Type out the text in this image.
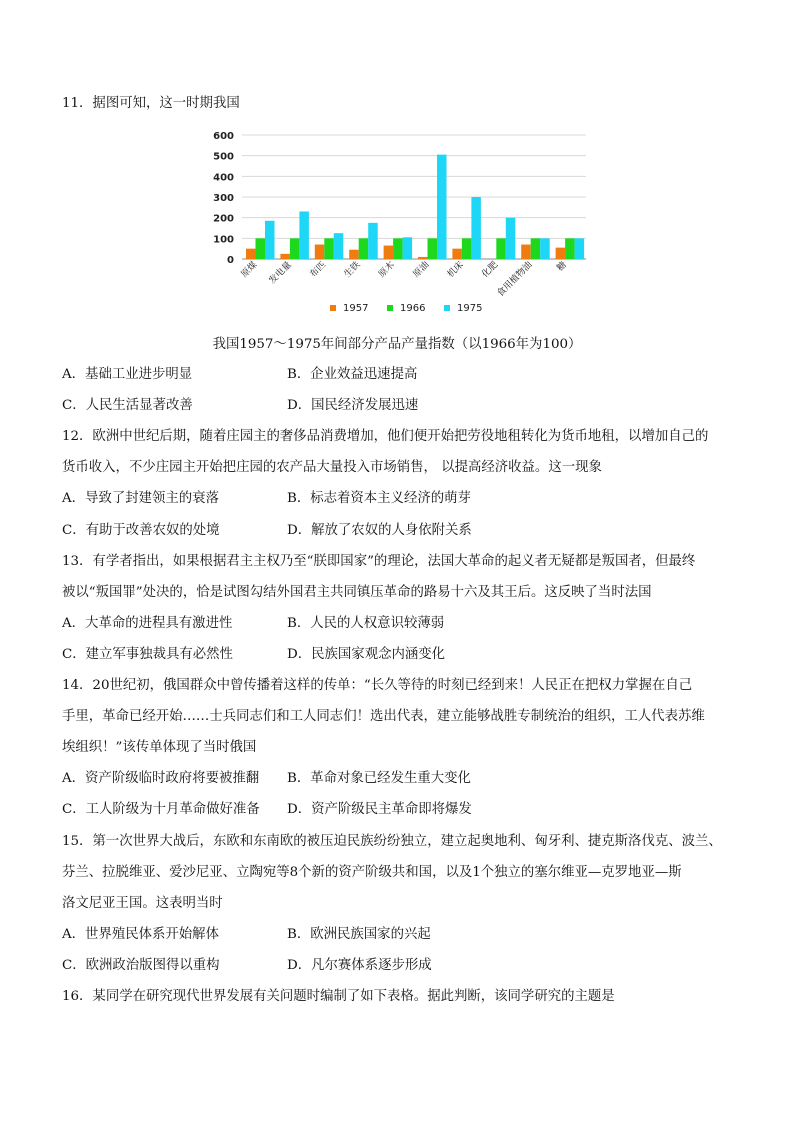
11．据图可知，这一时期我国
0
100
200
300
400
500
600
原煤 发电量 布匹 生铁 原木 原油 机床 化肥
食用植物油 糖
1957	1966	1975
我国1957～1975年间部分产品产量指数（以1966年为100）
A．基础工业进步明显	B．企业效益迅速提高
C．人民生活显著改善	D．国民经济发展迅速
12．欧洲中世纪后期，随着庄园主的奢侈品消费增加，他们便开始把劳役地租转化为货币地租，以增加自己的
货币收入，不少庄园主开始把庄园的农产品大量投入市场销售， 以提高经济收益。这一现象
A．导致了封建领主的衰落	B．标志着资本主义经济的萌芽
C．有助于改善农奴的处境	D．解放了农奴的人身依附关系
13．有学者指出，如果根据君主主权乃至“朕即国家”的理论，法国大革命的起义者无疑都是叛国者，但最终
被以“叛国罪”处决的，恰是试图勾结外国君主共同镇压革命的路易十六及其王后。这反映了当时法国
A．大革命的进程具有激进性	B．人民的人权意识较薄弱
C．建立军事独裁具有必然性	D．民族国家观念内涵变化
14．20世纪初，俄国群众中曾传播着这样的传单：“长久等待的时刻已经到来！人民正在把权力掌握在自己
手里，革命已经开始……士兵同志们和工人同志们！选出代表，建立能够战胜专制统治的组织，工人代表苏维
埃组织！”该传单体现了当时俄国
A．资产阶级临时政府将要被推翻 B．革命对象已经发生重大变化
C．工人阶级为十月革命做好准备 D．资产阶级民主革命即将爆发
15．第一次世界大战后，东欧和东南欧的被压迫民族纷纷独立，建立起奥地利、匈牙利、捷克斯洛伐克、波兰、
芬兰、拉脱维亚、爱沙尼亚、立陶宛等8个新的资产阶级共和国，以及1个独立的塞尔维亚—克罗地亚—斯
洛文尼亚王国。这表明当时
A．世界殖民体系开始解体	B．欧洲民族国家的兴起
C．欧洲政治版图得以重构	D．凡尔赛体系逐步形成
16．某同学在研究现代世界发展有关问题时编制了如下表格。据此判断，该同学研究的主题是
